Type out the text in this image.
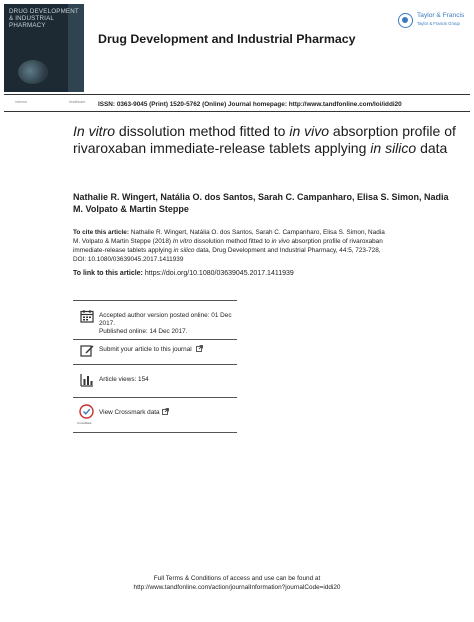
DRUG DEVELOPMENT & INDUSTRIAL PHARMACY
Drug Development and Industrial Pharmacy
Taylor & Francis
Taylor & Francis Group
informa	healthcare ISSN: 0363-9045 (Print) 1520-5762 (Online) Journal homepage: http://www.tandfonline.com/loi/iddi20
In vitro dissolution method fitted to in vivo absorption profile of rivaroxaban immediate-release tablets applying in silico data
Nathalie R. Wingert, Natália O. dos Santos, Sarah C. Campanharo, Elisa S. Simon, Nadia M. Volpato & Martin Steppe
To cite this article: Nathalie R. Wingert, Natália O. dos Santos, Sarah C. Campanharo, Elisa S. Simon, Nadia M. Volpato & Martin Steppe (2018) In vitro dissolution method fitted to in vivo absorption profile of rivaroxaban immediate-release tablets applying in silico data, Drug Development and Industrial Pharmacy, 44:5, 723-728, DOI: 10.1080/03639045.2017.1411939
To link to this article: https://doi.org/10.1080/03639045.2017.1411939
Accepted author version posted online: 01 Dec 2017.
Published online: 14 Dec 2017.
Submit your article to this journal
Article views: 154
CrossMark
View Crossmark data
Full Terms & Conditions of access and use can be found at
http://www.tandfonline.com/action/journalInformation?journalCode=iddi20
